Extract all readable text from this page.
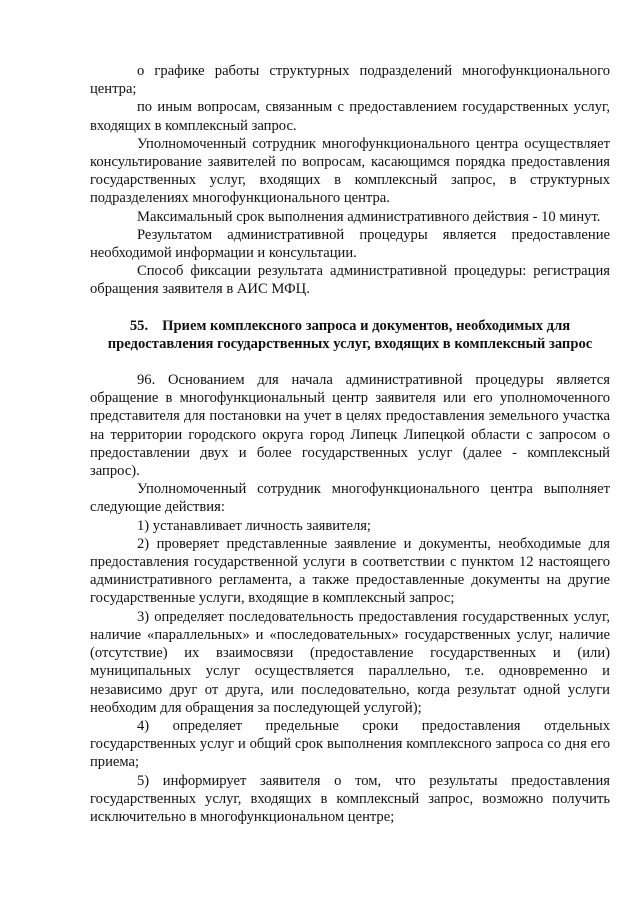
о графике работы структурных подразделений многофункционального центра;

по иным вопросам, связанным с предоставлением государственных услуг, входящих в комплексный запрос.

Уполномоченный сотрудник многофункционального центра осуществляет консультирование заявителей по вопросам, касающимся порядка предоставления государственных услуг, входящих в комплексный запрос, в структурных подразделениях многофункционального центра.

Максимальный срок выполнения административного действия - 10 минут.

Результатом административной процедуры является предоставление необходимой информации и консультации.

Способ фиксации результата административной процедуры: регистрация обращения заявителя в АИС МФЦ.

55. Прием комплексного запроса и документов, необходимых для
предоставления государственных услуг, входящих в комплексный запрос

96. Основанием для начала административной процедуры является обращение в многофункциональный центр заявителя или его уполномоченного представителя для постановки на учет в целях предоставления земельного участка на территории городского округа город Липецк Липецкой области с запросом о предоставлении двух и более государственных услуг (далее - комплексный запрос).

Уполномоченный сотрудник многофункционального центра выполняет следующие действия:

1) устанавливает личность заявителя;

2) проверяет представленные заявление и документы, необходимые для предоставления государственной услуги в соответствии с пунктом 12 настоящего административного регламента, а также предоставленные документы на другие государственные услуги, входящие в комплексный запрос;

3) определяет последовательность предоставления государственных услуг, наличие «параллельных» и «последовательных» государственных услуг, наличие (отсутствие) их взаимосвязи (предоставление государственных и (или) муниципальных услуг осуществляется параллельно, т.е. одновременно и независимо друг от друга, или последовательно, когда результат одной услуги необходим для обращения за последующей услугой);

4) определяет предельные сроки предоставления отдельных государственных услуг и общий срок выполнения комплексного запроса со дня его приема;

5) информирует заявителя о том, что результаты предоставления государственных услуг, входящих в комплексный запрос, возможно получить исключительно в многофункциональном центре;
